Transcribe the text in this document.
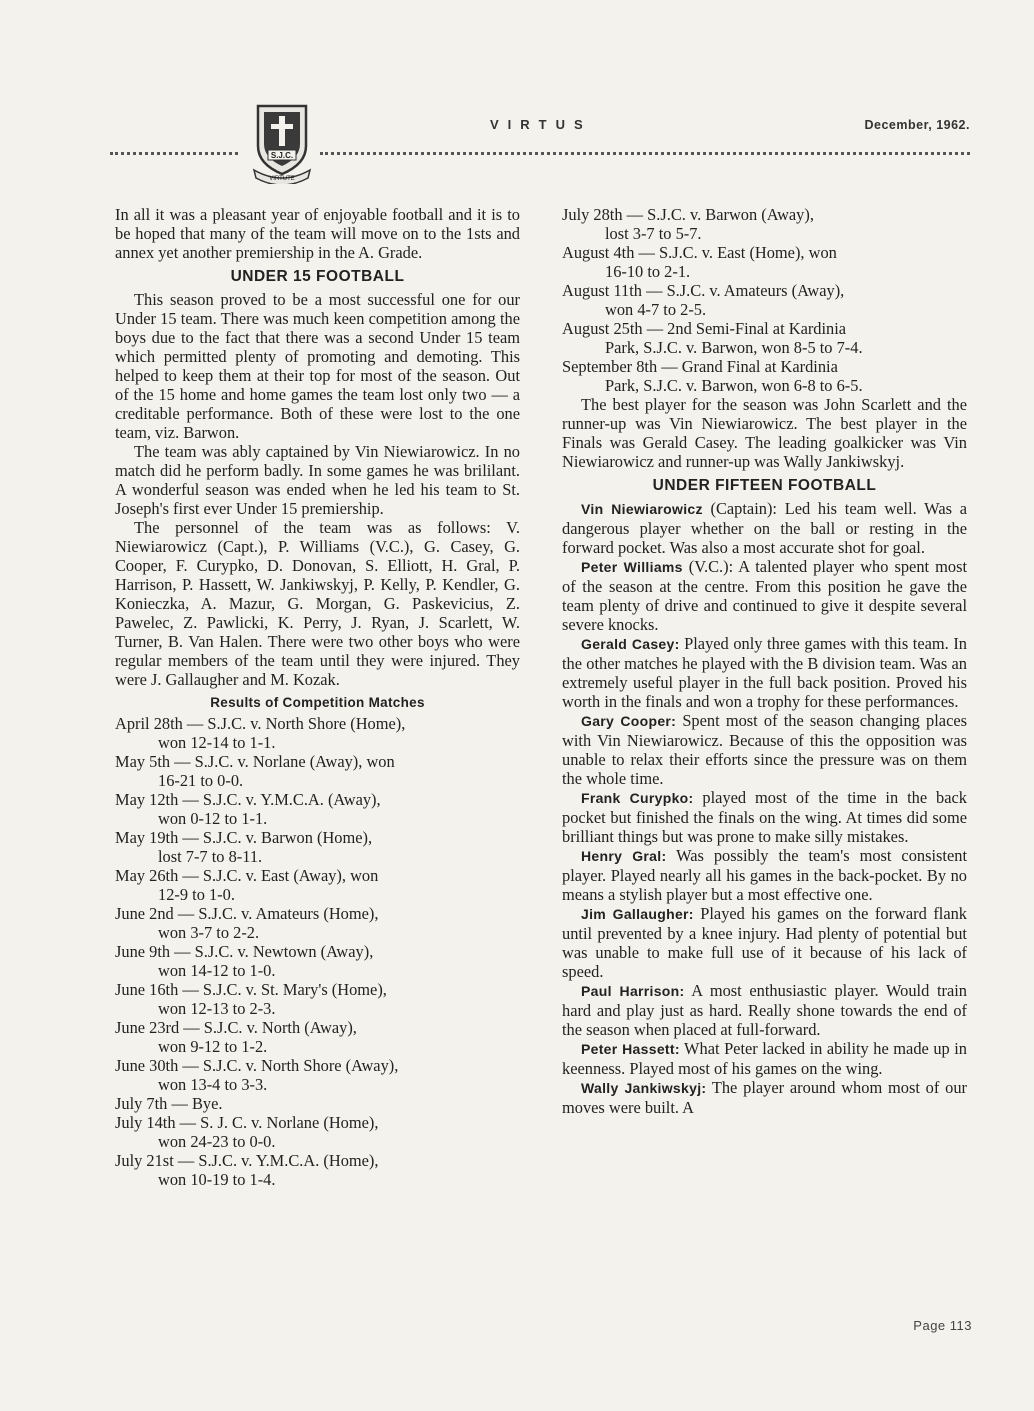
S.J.C.
VIRTUTE
VIRTUS	December, 1962.

In all it was a pleasant year of enjoyable football and it is to be hoped that many of the team will move on to the 1sts and annex yet another premiership in the A. Grade.

UNDER 15 FOOTBALL

This season proved to be a most successful one for our Under 15 team. There was much keen competition among the boys due to the fact that there was a second Under 15 team which permitted plenty of promoting and demoting. This helped to keep them at their top for most of the season. Out of the 15 home and home games the team lost only two — a creditable performance. Both of these were lost to the one team, viz. Barwon.

The team was ably captained by Vin Niewiarowicz. In no match did he perform badly. In some games he was brililant. A wonderful season was ended when he led his team to St. Joseph's first ever Under 15 premiership.

The personnel of the team was as follows: V. Niewiarowicz (Capt.), P. Williams (V.C.), G. Casey, G. Cooper, F. Curypko, D. Donovan, S. Elliott, H. Gral, P. Harrison, P. Hassett, W. Jankiwskyj, P. Kelly, P. Kendler, G. Konieczka, A. Mazur, G. Morgan, G. Paskevicius, Z. Pawelec, Z. Pawlicki, K. Perry, J. Ryan, J. Scarlett, W. Turner, B. Van Halen. There were two other boys who were regular members of the team until they were injured. They were J. Gallaugher and M. Kozak.

Results of Competition Matches
April 28th — S.J.C. v. North Shore (Home),
won 12-14 to 1-1.
May 5th — S.J.C. v. Norlane (Away), won
16-21 to 0-0.
May 12th — S.J.C. v. Y.M.C.A. (Away),
won 0-12 to 1-1.
May 19th — S.J.C. v. Barwon (Home),
lost 7-7 to 8-11.
May 26th — S.J.C. v. East (Away), won
12-9 to 1-0.
June 2nd — S.J.C. v. Amateurs (Home),
won 3-7 to 2-2.
June 9th — S.J.C. v. Newtown (Away),
won 14-12 to 1-0.
June 16th — S.J.C. v. St. Mary's (Home),
won 12-13 to 2-3.
June 23rd — S.J.C. v. North (Away),
won 9-12 to 1-2.
June 30th — S.J.C. v. North Shore (Away),
won 13-4 to 3-3.
July 7th — Bye.
July 14th — S. J. C. v. Norlane (Home),
won 24-23 to 0-0.
July 21st — S.J.C. v. Y.M.C.A. (Home),
won 10-19 to 1-4.
July 28th — S.J.C. v. Barwon (Away),
lost 3-7 to 5-7.
August 4th — S.J.C. v. East (Home), won
16-10 to 2-1.
August 11th — S.J.C. v. Amateurs (Away),
won 4-7 to 2-5.
August 25th — 2nd Semi-Final at Kardinia
Park, S.J.C. v. Barwon, won 8-5 to 7-4.
September 8th — Grand Final at Kardinia
Park, S.J.C. v. Barwon, won 6-8 to 6-5.

The best player for the season was John Scarlett and the runner-up was Vin Niewiarowicz. The best player in the Finals was Gerald Casey. The leading goalkicker was Vin Niewiarowicz and runner-up was Wally Jankiwskyj.

UNDER FIFTEEN FOOTBALL

Vin Niewiarowicz (Captain): Led his team well. Was a dangerous player whether on the ball or resting in the forward pocket. Was also a most accurate shot for goal.

Peter Williams (V.C.): A talented player who spent most of the season at the centre. From this position he gave the team plenty of drive and continued to give it despite several severe knocks.

Gerald Casey: Played only three games with this team. In the other matches he played with the B division team. Was an extremely useful player in the full back position. Proved his worth in the finals and won a trophy for these performances.

Gary Cooper: Spent most of the season changing places with Vin Niewiarowicz. Because of this the opposition was unable to relax their efforts since the pressure was on them the whole time.

Frank Curypko: played most of the time in the back pocket but finished the finals on the wing. At times did some brilliant things but was prone to make silly mistakes.

Henry Gral: Was possibly the team's most consistent player. Played nearly all his games in the back-pocket. By no means a stylish player but a most effective one.

Jim Gallaugher: Played his games on the forward flank until prevented by a knee injury. Had plenty of potential but was unable to make full use of it because of his lack of speed.

Paul Harrison: A most enthusiastic player. Would train hard and play just as hard. Really shone towards the end of the season when placed at full-forward.

Peter Hassett: What Peter lacked in ability he made up in keenness. Played most of his games on the wing.

Wally Jankiwskyj: The player around whom most of our moves were built. A

Page 113
